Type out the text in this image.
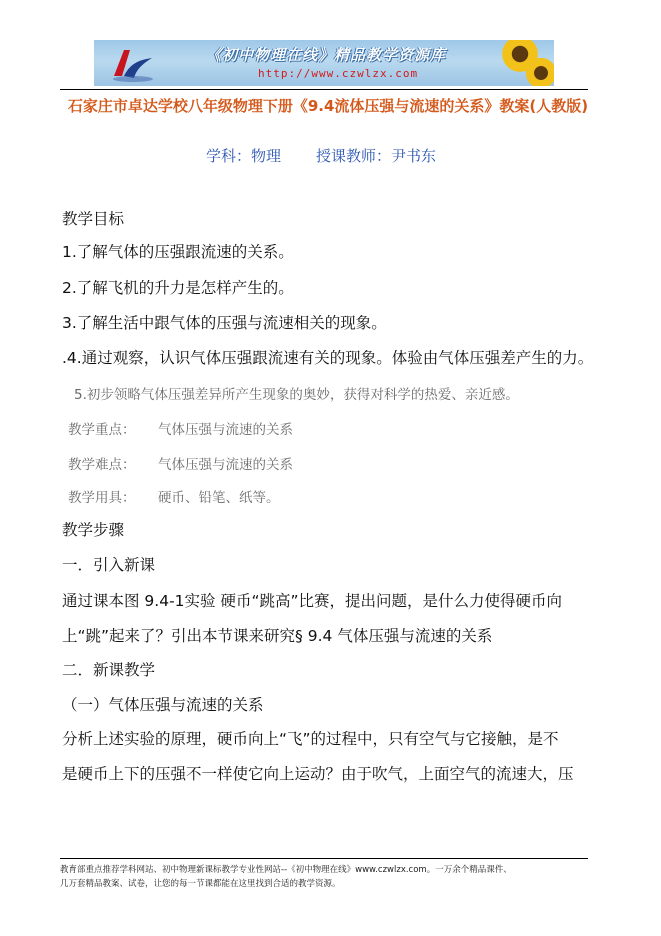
《初中物理在线》精品教学资源库
http://www.czwlzx.com
石家庄市卓达学校八年级物理下册《9.4流体压强与流速的关系》教案(人教版)
学科：物理 授课教师：尹书东

教学目标

1.了解气体的压强跟流速的关系。
2.了解飞机的升力是怎样产生的。
3.了解生活中跟气体的压强与流速相关的现象。
.4.通过观察，认识气体压强跟流速有关的现象。体验由气体压强差产生的力。

5.初步领略气体压强差异所产生现象的奥妙，获得对科学的热爱、亲近感。

教学重点： 气体压强与流速的关系

教学难点： 气体压强与流速的关系

教学用具： 硬币、铅笔、纸等。

教学步骤

一．引入新课

通过课本图 9.4-1实验 硬币“跳高”比赛，提出问题，是什么力使得硬币向

上“跳”起来了？引出本节课来研究§ 9.4 气体压强与流速的关系

二．新课教学

（一）气体压强与流速的关系

分析上述实验的原理，硬币向上“飞”的过程中，只有空气与它接触，是不

是硬币上下的压强不一样使它向上运动？由于吹气，上面空气的流速大，压

教育部重点推荐学科网站、初中物理新课标教学专业性网站--《初中物理在线》www.czwlzx.com。一万余个精品课件、
几万套精品教案、试卷，让您的每一节课都能在这里找到合适的教学资源。
